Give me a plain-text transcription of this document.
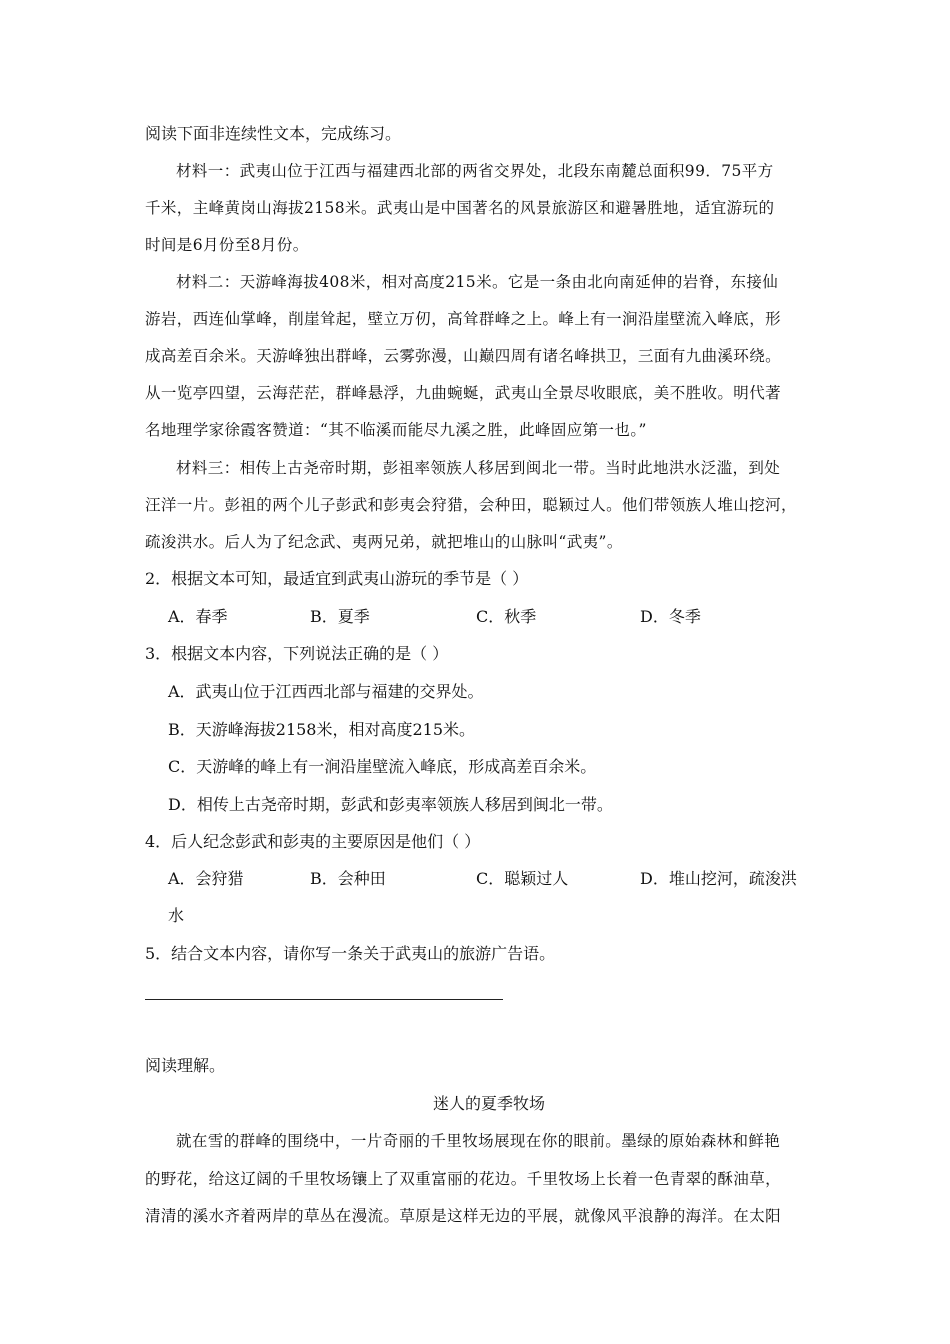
阅读下面非连续性文本，完成练习。
材料一：武夷山位于江西与福建西北部的两省交界处，北段东南麓总面积99．75平方
千米，主峰黄岗山海拔2158米。武夷山是中国著名的风景旅游区和避暑胜地，适宜游玩的
时间是6月份至8月份。
材料二：天游峰海拔408米，相对高度215米。它是一条由北向南延伸的岩脊，东接仙
游岩，西连仙掌峰，削崖耸起，壁立万仞，高耸群峰之上。峰上有一涧沿崖壁流入峰底，形
成高差百余米。天游峰独出群峰，云雾弥漫，山巅四周有诸名峰拱卫，三面有九曲溪环绕。
从一览亭四望，云海茫茫，群峰悬浮，九曲蜿蜒，武夷山全景尽收眼底，美不胜收。明代著
名地理学家徐霞客赞道：“其不临溪而能尽九溪之胜，此峰固应第一也。”
材料三：相传上古尧帝时期，彭祖率领族人移居到闽北一带。当时此地洪水泛滥，到处
汪洋一片。彭祖的两个儿子彭武和彭夷会狩猎，会种田，聪颖过人。他们带领族人堆山挖河，
疏浚洪水。后人为了纪念武、夷两兄弟，就把堆山的山脉叫“武夷”。
2．根据文本可知，最适宜到武夷山游玩的季节是（ ）
A．春季	B．夏季	C．秋季	D．冬季
3．根据文本内容，下列说法正确的是（ ）
A．武夷山位于江西西北部与福建的交界处。
B．天游峰海拔2158米，相对高度215米。
C．天游峰的峰上有一涧沿崖壁流入峰底，形成高差百余米。
D．相传上古尧帝时期，彭武和彭夷率领族人移居到闽北一带。
4．后人纪念彭武和彭夷的主要原因是他们（ ）
A．会狩猎	B．会种田	C．聪颖过人	D．堆山挖河，疏浚洪
水
5．结合文本内容，请你写一条关于武夷山的旅游广告语。
阅读理解。
迷人的夏季牧场
就在雪的群峰的围绕中，一片奇丽的千里牧场展现在你的眼前。墨绿的原始森林和鲜艳
的野花，给这辽阔的千里牧场镶上了双重富丽的花边。千里牧场上长着一色青翠的酥油草，
清清的溪水齐着两岸的草丛在漫流。草原是这样无边的平展，就像风平浪静的海洋。在太阳
